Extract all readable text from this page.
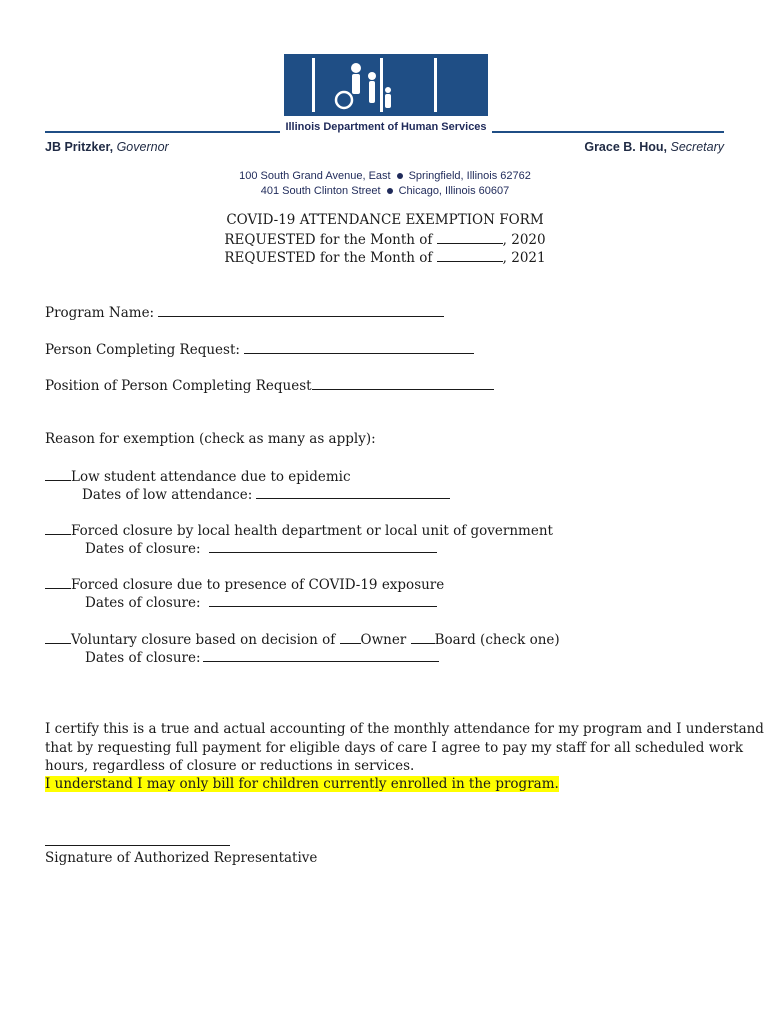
Illinois Department of Human Services
JB Pritzker, Governor	Grace B. Hou, Secretary
100 South Grand Avenue, East Springfield, Illinois 62762
401 South Clinton Street Chicago, Illinois 60607
COVID-19 ATTENDANCE EXEMPTION FORM
REQUESTED for the Month of	, 2020
REQUESTED for the Month of	, 2021
Program Name:
Person Completing Request:
Position of Person Completing Request
Reason for exemption (check as many as apply):
Low student attendance due to epidemic
Dates of low attendance:
Forced closure by local health department or local unit of government
Dates of closure:
Forced closure due to presence of COVID-19 exposure
Dates of closure:
Voluntary closure based on decision of Owner Board (check one)
Dates of closure:
I certify this is a true and actual accounting of the monthly attendance for my program and I understand
that by requesting full payment for eligible days of care I agree to pay my staff for all scheduled work
hours, regardless of closure or reductions in services.
I understand I may only bill for children currently enrolled in the program.
Signature of Authorized Representative
